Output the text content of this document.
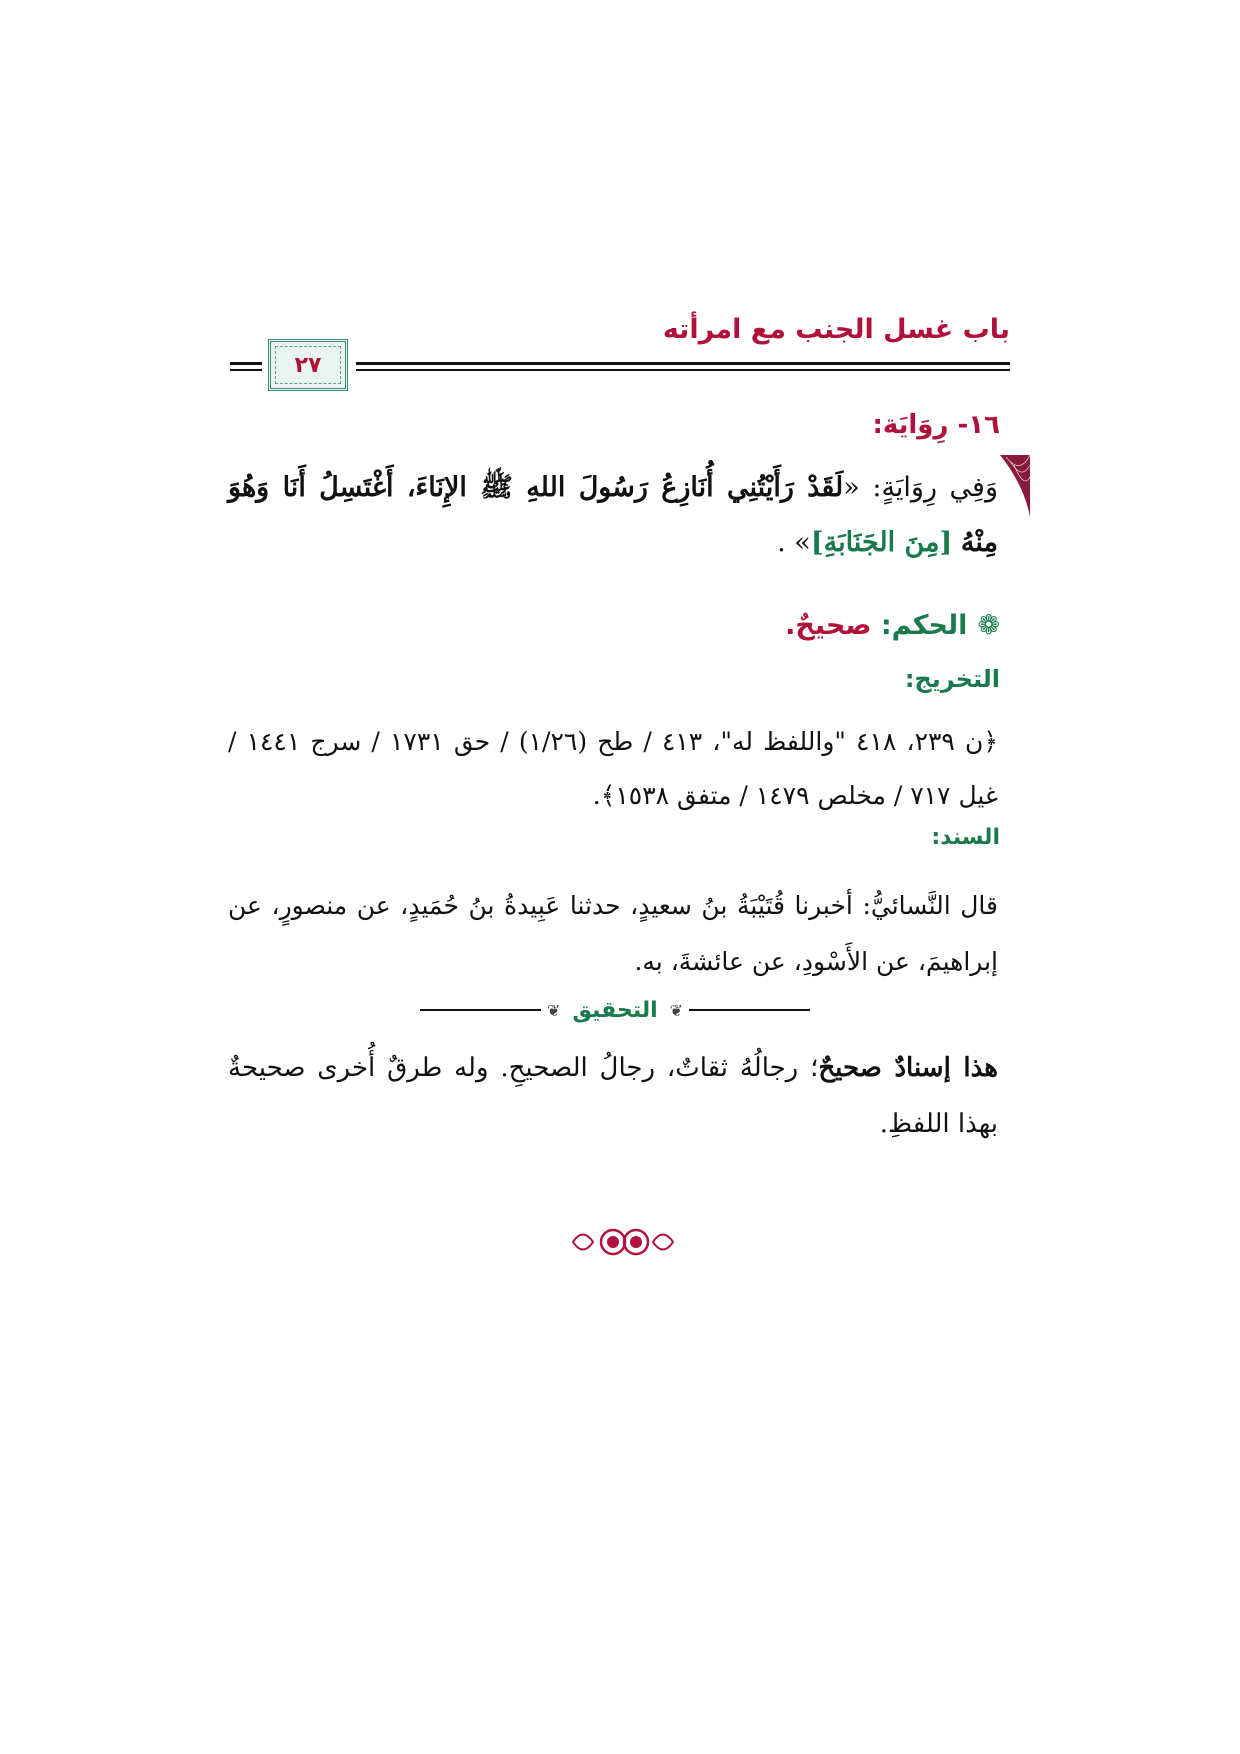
باب غسل الجنب مع امرأته
٢٧
١٦- رِوَايَة:
وَفِي رِوَايَةٍ: «لَقَدْ رَأَيْتُنِي أُنَازِعُ رَسُولَ اللهِ ﷺ الإِنَاءَ، أَغْتَسِلُ أَنَا وَهُوَ مِنْهُ [مِنَ الجَنَابَةِ]» .
❁الحكم: صحيحٌ.
التخريج:
﴿ن ٢٣٩، ٤١٨ "واللفظ له"، ٤١٣ / طح (١/٢٦) / حق ١٧٣١ / سرج ١٤٤١ / غيل ٧١٧ / مخلص ١٤٧٩ / متفق ١٥٣٨﴾.
السند:
قال النَّسائيُّ: أخبرنا قُتَيْبَةُ بنُ سعيدٍ، حدثنا عَبِيدةُ بنُ حُمَيدٍ، عن منصورٍ، عن إبراهيمَ، عن الأَسْودِ، عن عائشةَ، به.
❦
التحقيق
❦
هذا إسنادٌ صحيحٌ؛ رجالُهُ ثقاتٌ، رجالُ الصحيحِ. وله طرقٌ أُخرى صحيحةٌ بهذا اللفظِ.
